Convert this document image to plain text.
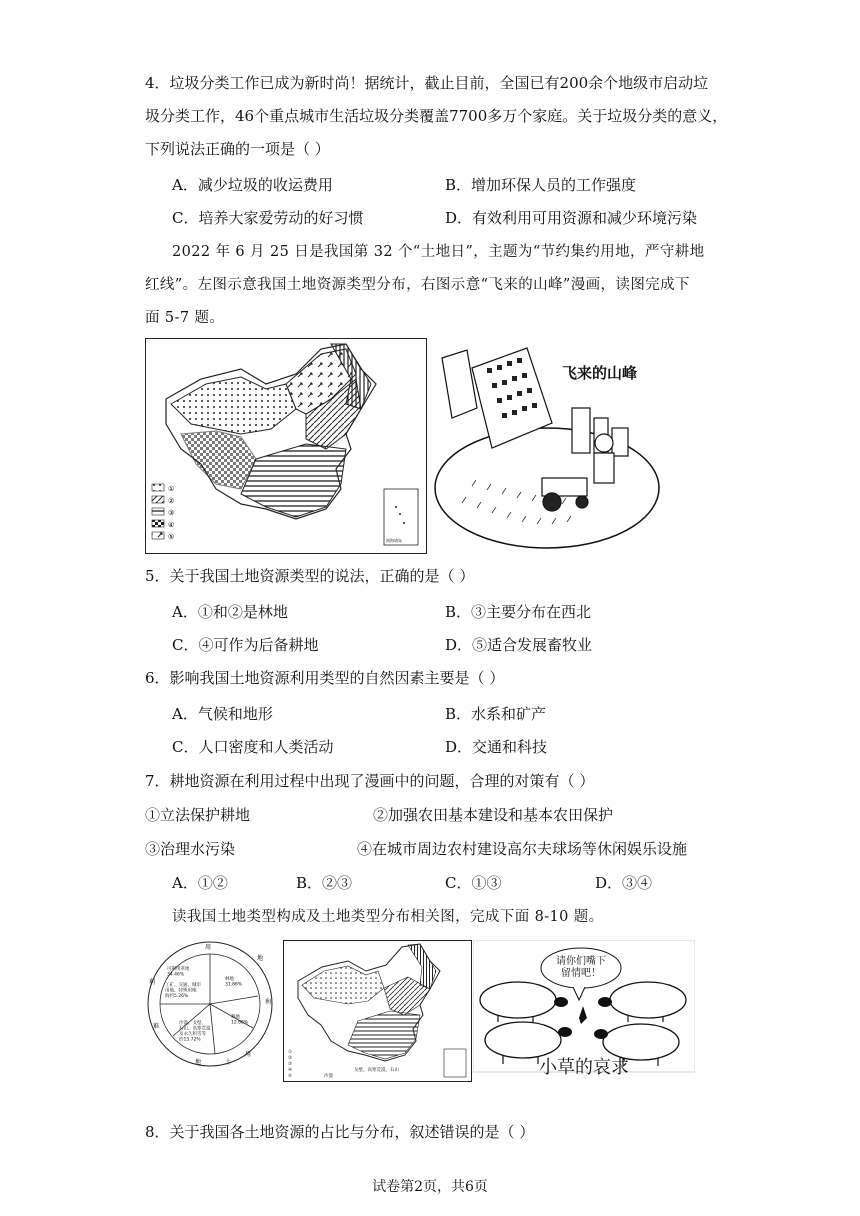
4．垃圾分类工作已成为新时尚！据统计，截止目前，全国已有200余个地级市启动垃
圾分类工作，46个重点城市生活垃圾分类覆盖7700多万个家庭。关于垃圾分类的意义，
下列说法正确的一项是（ ）
A．减少垃圾的收运费用	B．增加环保人员的工作强度
C．培养大家爱劳动的好习惯	D．有效利用可用资源和减少环境污染
2022 年 6 月 25 日是我国第 32 个“土地日”，主题为“节约集约用地，严守耕地
红线”。左图示意我国土地资源类型分布，右图示意“飞来的山峰”漫画，读图完成下
面 5-7 题。
①
②
③
④
⑤	南海诸岛
飞来的山峰
5．关于我国土地资源类型的说法，正确的是（ ）
A．①和②是林地	B．③主要分布在西北
C．④可作为后备耕地	D．⑤适合发展畜牧业
6．影响我国土地资源利用类型的自然因素主要是（ ）
A．气候和地形	B．水系和矿产
C．人口密度和人类活动	D．交通和科技
7．耕地资源在利用过程中出现了漫画中的问题，合理的对策有（ ）
①立法保护耕地	②加强农田基本建设和基本农田保护
③治理水污染	④在城市周边农村建设高尔夫球场等休闲娱乐设施
A．①②	B．②③	C．①③	D．③④
读我国土地类型构成及土地类型分布相关图，完成下面 8-10 题。
用
地
利
用
土
地
难
利
可利用草地 34.46%
工矿、交通、城市用地、特殊用地海约5.26%
林地 31.86%
耕地 12.68%
沙漠、戈壁、石山、高寒荒漠及永久积雪等约15.72%
①
②
③
④
⑤	沙漠
戈壁、高寒荒漠、石山
请你们嘴下留情吧！
小草的哀求
8．关于我国各土地资源的占比与分布，叙述错误的是（ ）
试卷第2页，共6页
